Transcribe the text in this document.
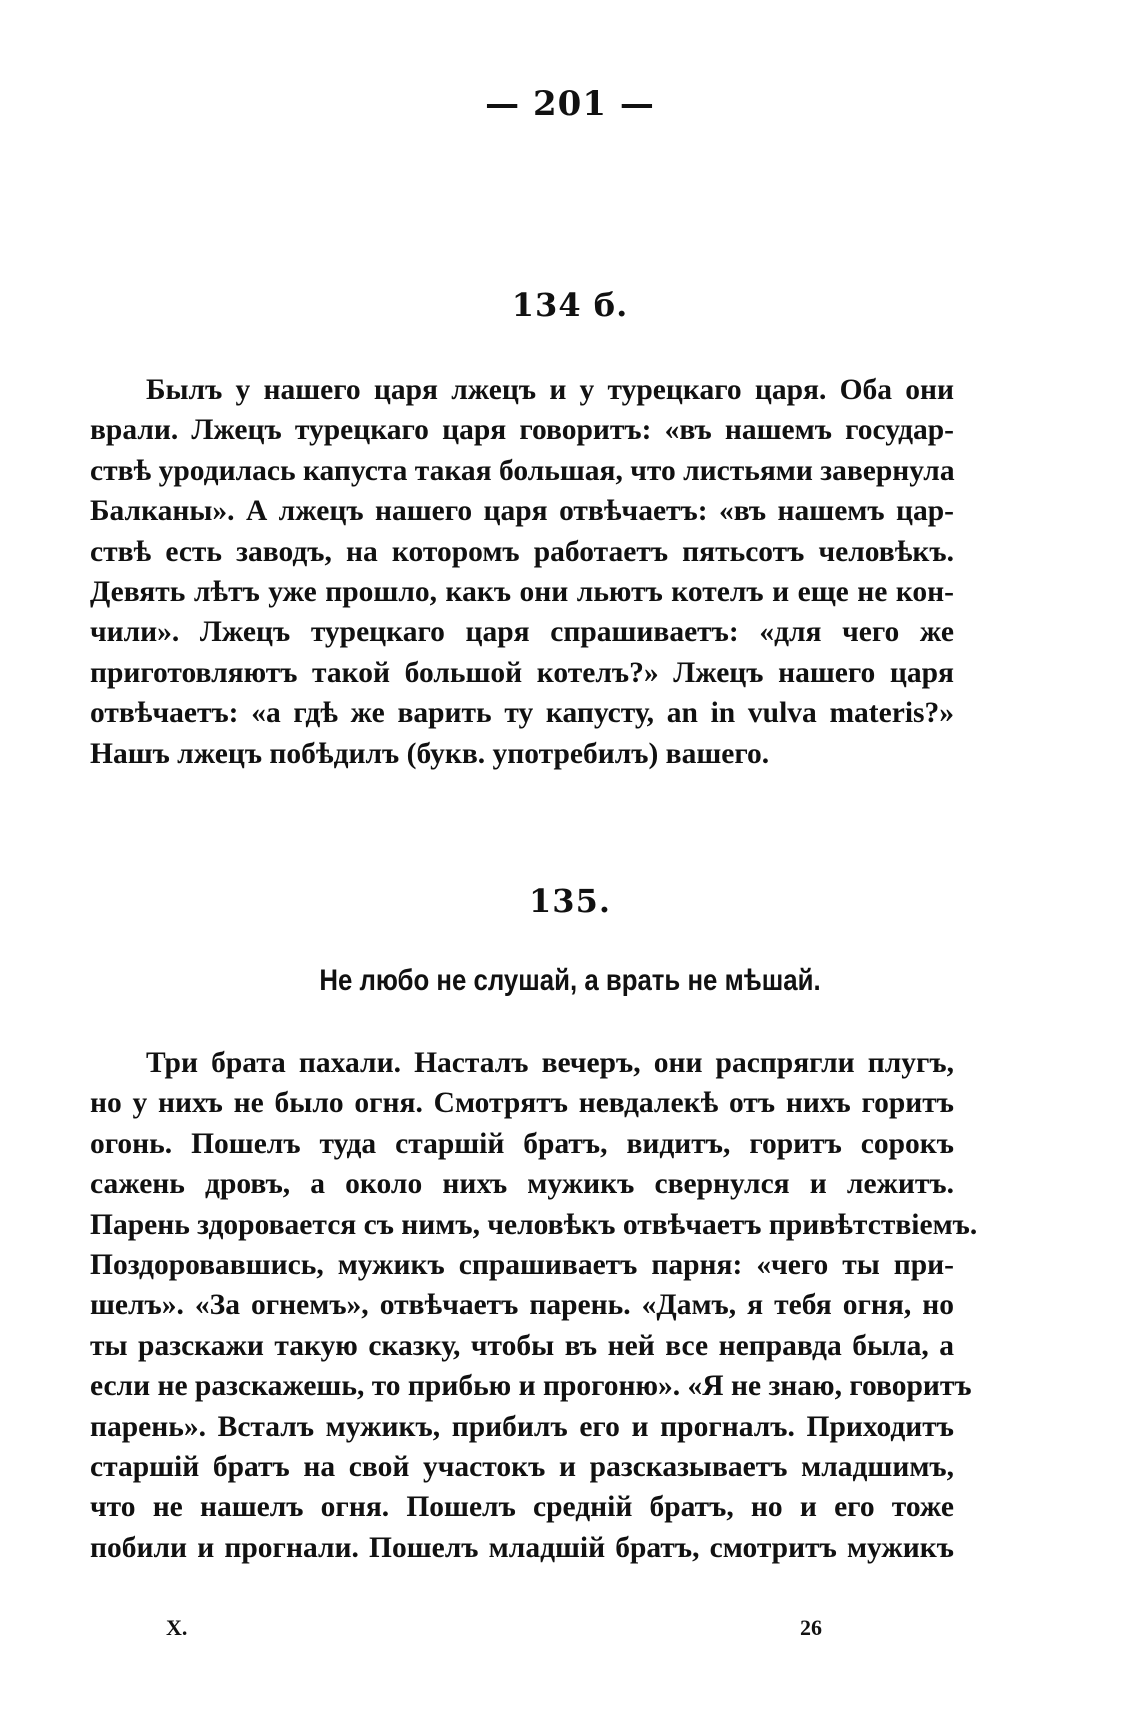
— 201 —
134 б.
Былъ у нашего царя лжецъ и у турецкаго царя. Оба они
врали. Лжецъ турецкаго царя говоритъ: «въ нашемъ государ-
ствѣ уродилась капуста такая большая, что листьями завернула
Балканы». А лжецъ нашего царя отвѣчаетъ: «въ нашемъ цар-
ствѣ есть заводъ, на которомъ работаетъ пятьсотъ человѣкъ.
Девять лѣтъ уже прошло, какъ они льютъ котелъ и еще не кон-
чили». Лжецъ турецкаго царя спрашиваетъ: «для чего же
приготовляютъ такой большой котелъ?» Лжецъ нашего царя
отвѣчаетъ: «а гдѣ же варить ту капусту, an in vulva materis?»
Нашъ лжецъ побѣдилъ (букв. употребилъ) вашего.
135.
Не любо не слушай, а врать не мѣшай.
Три брата пахали. Насталъ вечеръ, они распрягли плугъ,
но у нихъ не было огня. Смотрятъ невдалекѣ отъ нихъ горитъ
огонь. Пошелъ туда старшій братъ, видитъ, горитъ сорокъ
сажень дровъ, а около нихъ мужикъ свернулся и лежитъ.
Парень здоровается съ нимъ, человѣкъ отвѣчаетъ привѣтствіемъ.
Поздоровавшись, мужикъ спрашиваетъ парня: «чего ты при-
шелъ». «За огнемъ», отвѣчаетъ парень. «Дамъ, я тебя огня, но
ты разскажи такую сказку, чтобы въ ней все неправда была, а
если не разскажешь, то прибью и прогоню». «Я не знаю, говоритъ
парень». Всталъ мужикъ, прибилъ его и прогналъ. Приходитъ
старшій братъ на свой участокъ и разсказываетъ младшимъ,
что не нашелъ огня. Пошелъ средній братъ, но и его тоже
побили и прогнали. Пошелъ младшій братъ, смотритъ мужикъ
X.	26
